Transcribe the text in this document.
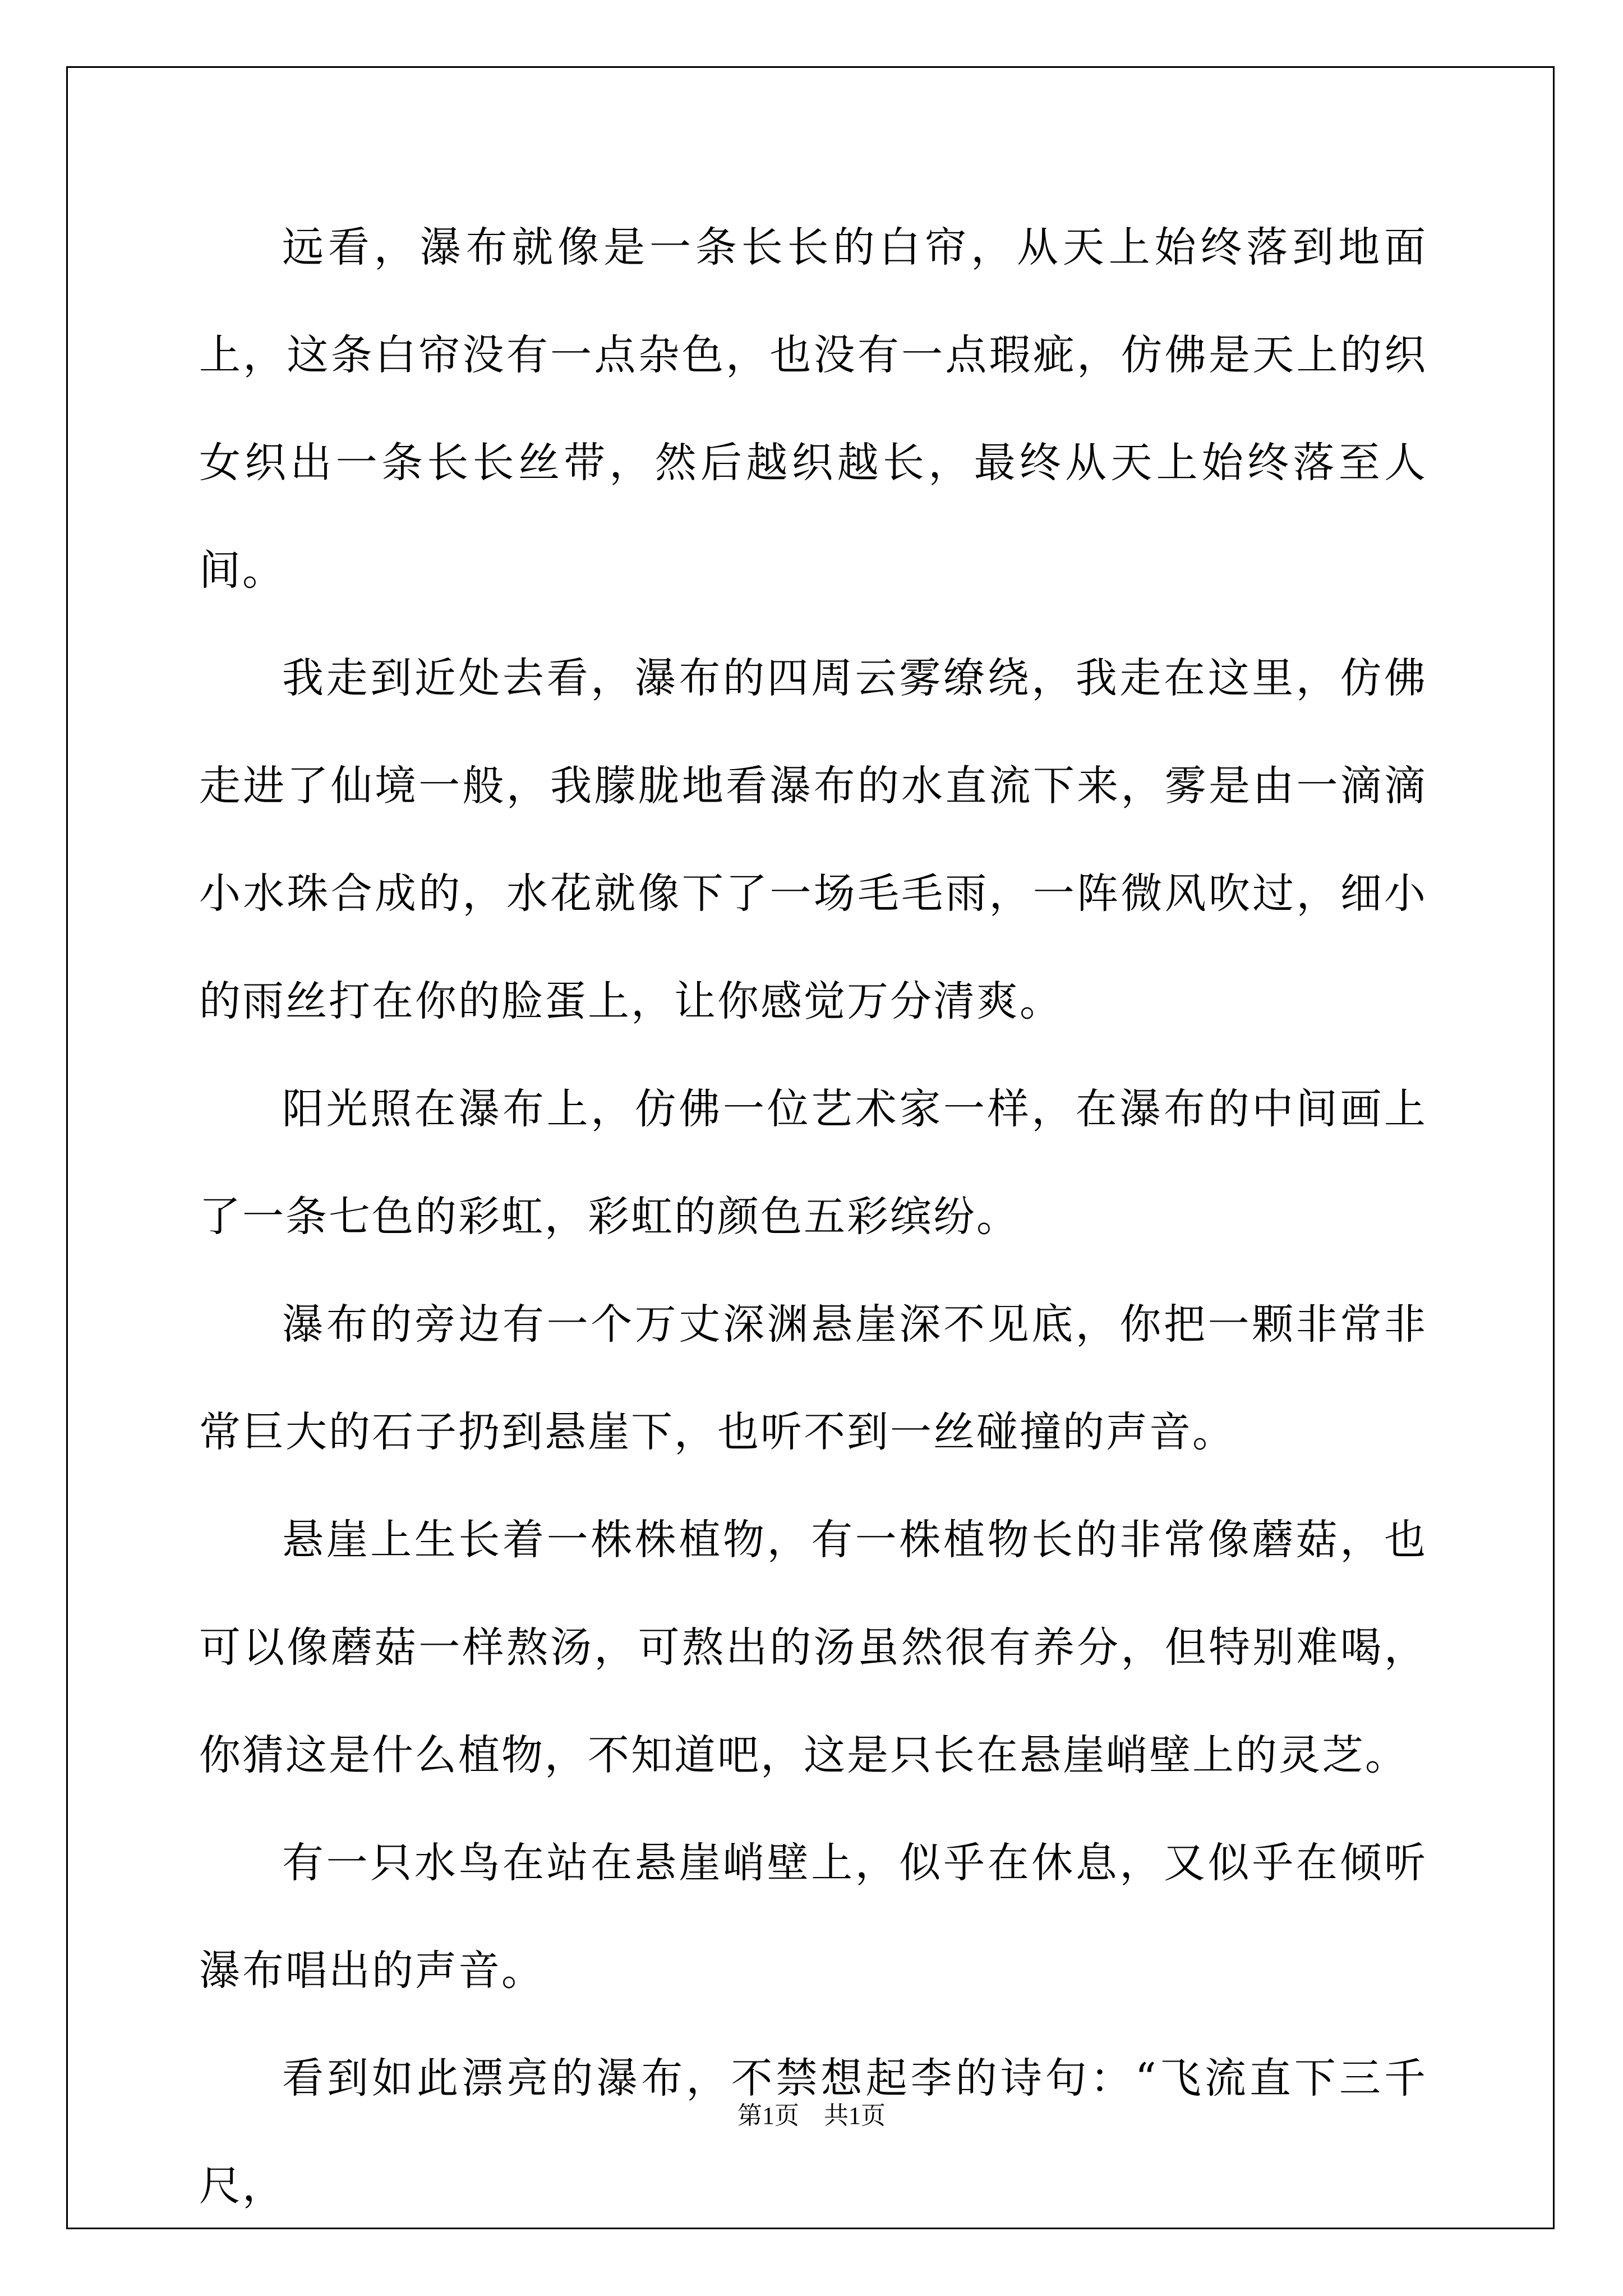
远看，瀑布就像是一条长长的白帘，从天上始终落到地面上，这条白帘没有一点杂色，也没有一点瑕疵，仿佛是天上的织女织出一条长长丝带，然后越织越长，最终从天上始终落至人间。

我走到近处去看，瀑布的四周云雾缭绕，我走在这里，仿佛走进了仙境一般，我朦胧地看瀑布的水直流下来，雾是由一滴滴小水珠合成的，水花就像下了一场毛毛雨，一阵微风吹过，细小的雨丝打在你的脸蛋上，让你感觉万分清爽。

阳光照在瀑布上，仿佛一位艺术家一样，在瀑布的中间画上了一条七色的彩虹，彩虹的颜色五彩缤纷。

瀑布的旁边有一个万丈深渊悬崖深不见底，你把一颗非常非常巨大的石子扔到悬崖下，也听不到一丝碰撞的声音。

悬崖上生长着一株株植物，有一株植物长的非常像蘑菇，也可以像蘑菇一样熬汤，可熬出的汤虽然很有养分，但特别难喝，你猜这是什么植物，不知道吧，这是只长在悬崖峭壁上的灵芝。

有一只水鸟在站在悬崖峭壁上，似乎在休息，又似乎在倾听瀑布唱出的声音。

看到如此漂亮的瀑布，不禁想起李的诗句：“飞流直下三千尺，

第1页　共1页
